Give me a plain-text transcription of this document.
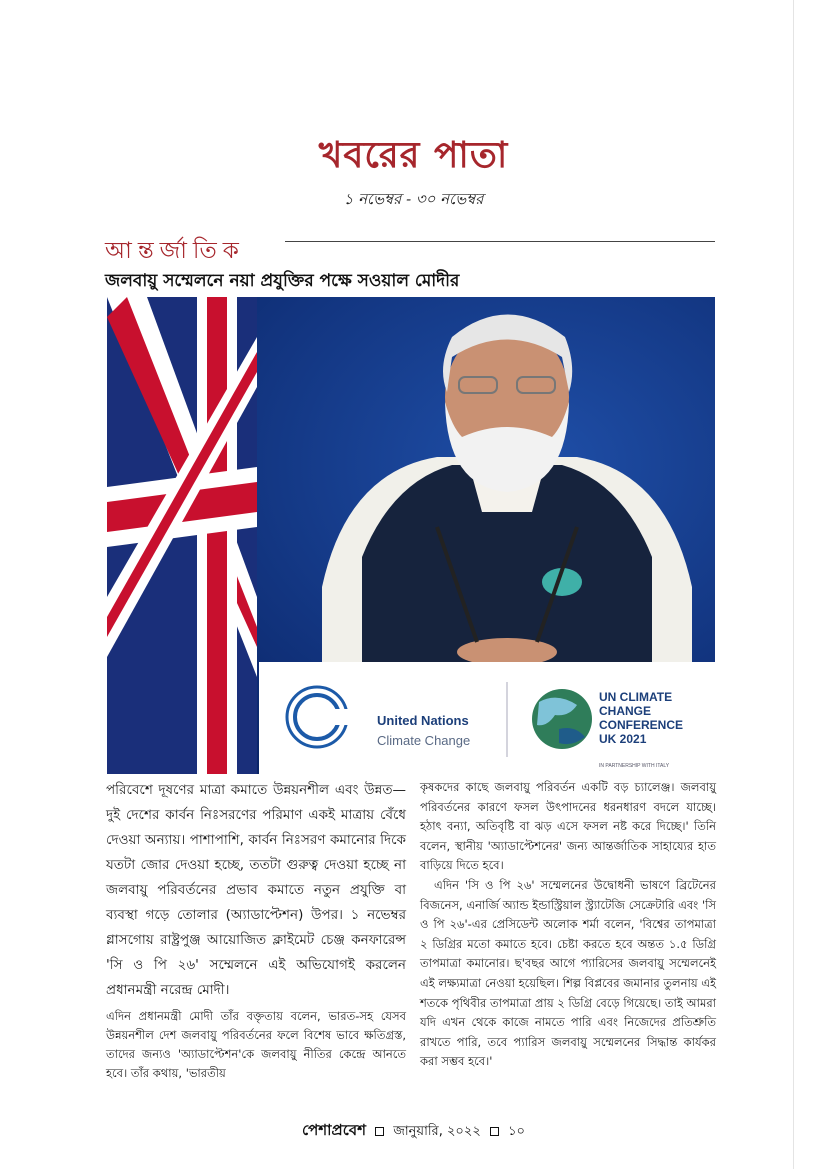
খবরের পাতা
১ নভেম্বর - ৩০ নভেম্বর
আন্তর্জাতিক
জলবায়ু সম্মেলনে নয়া প্রযুক্তির পক্ষে সওয়াল মোদীর
United Nations
Climate Change
UN CLIMATE
CHANGE
CONFERENCE
UK 2021
IN PARTNERSHIP WITH ITALY

পরিবেশে দূষণের মাত্রা কমাতে উন্নয়নশীল এবং উন্নত— দুই দেশের কার্বন নিঃসরণের পরিমাণ একই মাত্রায় বেঁধে দেওয়া অন্যায়। পাশাপাশি, কার্বন নিঃসরণ কমানোর দিকে যতটা জোর দেওয়া হচ্ছে, ততটা গুরুত্ব দেওয়া হচ্ছে না জলবায়ু পরিবর্তনের প্রভাব কমাতে নতুন প্রযুক্তি বা ব্যবস্থা গড়ে তোলার (অ্যাডাপ্টেশন) উপর। ১ নভেম্বর গ্লাসগোয় রাষ্ট্রপুঞ্জ আয়োজিত ক্লাইমেট চেঞ্জ কনফারেন্স 'সি ও পি ২৬' সম্মেলনে এই অভিযোগই করলেন প্রধানমন্ত্রী নরেন্দ্র মোদী।

এদিন প্রধানমন্ত্রী মোদী তাঁর বক্তৃতায় বলেন, ভারত-সহ যেসব উন্নয়নশীল দেশ জলবায়ু পরিবর্তনের ফলে বিশেষ ভাবে ক্ষতিগ্রস্ত, তাদের জন্যও 'অ্যাডাপ্টেশন'কে জলবায়ু নীতির কেন্দ্রে আনতে হবে। তাঁর কথায়, 'ভারতীয়

কৃষকদের কাছে জলবায়ু পরিবর্তন একটি বড় চ্যালেঞ্জ। জলবায়ু পরিবর্তনের কারণে ফসল উৎপাদনের ধরনধারণ বদলে যাচ্ছে। হঠাৎ বন্যা, অতিবৃষ্টি বা ঝড় এসে ফসল নষ্ট করে দিচ্ছে।' তিনি বলেন, স্থানীয় 'অ্যাডাপ্টেশনের' জন্য আন্তর্জাতিক সাহায্যের হাত বাড়িয়ে দিতে হবে।

এদিন 'সি ও পি ২৬' সম্মেলনের উদ্বোধনী ভাষণে ব্রিটেনের বিজনেস, এনার্জি অ্যান্ড ইন্ডাস্ট্রিয়াল স্ট্র্যাটেজি সেক্রেটারি এবং 'সি ও পি ২৬'-এর প্রেসিডেন্ট অলোক শর্মা বলেন, 'বিশ্বের তাপমাত্রা ২ ডিগ্রির মতো কমাতে হবে। চেষ্টা করতে হবে অন্তত ১.৫ ডিগ্রি তাপমাত্রা কমানোর। ছ'বছর আগে প্যারিসের জলবায়ু সম্মেলনেই এই লক্ষ্যমাত্রা নেওয়া হয়েছিল। শিল্প বিপ্লবের জমানার তুলনায় এই শতকে পৃথিবীর তাপমাত্রা প্রায় ২ ডিগ্রি বেড়ে গিয়েছে। তাই আমরা যদি এখন থেকে কাজে নামতে পারি এবং নিজেদের প্রতিশ্রুতি রাখতে পারি, তবে প্যারিস জলবায়ু সম্মেলনের সিদ্ধান্ত কার্যকর করা সম্ভব হবে।'

পেশাপ্রবেশ জানুয়ারি, ২০২২ ১০
